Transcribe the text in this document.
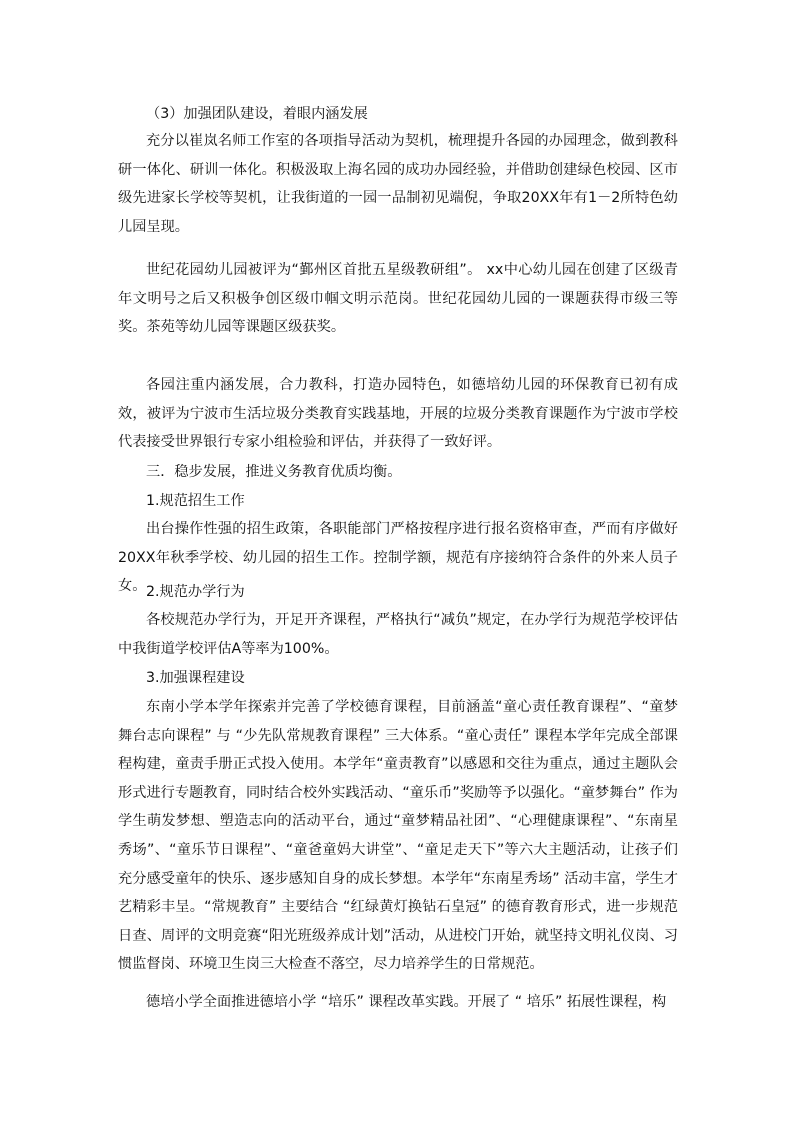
（3）加强团队建设，着眼内涵发展

充分以崔岚名师工作室的各项指导活动为契机，梳理提升各园的办园理念，做到教科研一体化、研训一体化。积极汲取上海名园的成功办园经验，并借助创建绿色校园、区市级先进家长学校等契机，让我街道的一园一品制初见端倪，争取20XX年有1－2所特色幼儿园呈现。

世纪花园幼儿园被评为“鄞州区首批五星级教研组”。 xx中心幼儿园在创建了区级青年文明号之后又积极争创区级巾帼文明示范岗。世纪花园幼儿园的一课题获得市级三等奖。茶苑等幼儿园等课题区级获奖。

各园注重内涵发展，合力教科，打造办园特色，如德培幼儿园的环保教育已初有成效，被评为宁波市生活垃圾分类教育实践基地，开展的垃圾分类教育课题作为宁波市学校代表接受世界银行专家小组检验和评估，并获得了一致好评。

三．稳步发展，推进义务教育优质均衡。

1.规范招生工作

出台操作性强的招生政策，各职能部门严格按程序进行报名资格审查，严而有序做好20XX年秋季学校、幼儿园的招生工作。控制学额，规范有序接纳符合条件的外来人员子女。 2.规范办学行为

各校规范办学行为，开足开齐课程，严格执行“减负”规定，在办学行为规范学校评估中我街道学校评估A等率为100%。

3.加强课程建设

东南小学本学年探索并完善了学校德育课程，目前涵盖“童心责任教育课程”、“童梦舞台志向课程” 与 “少先队常规教育课程” 三大体系。“童心责任” 课程本学年完成全部课程构建，童责手册正式投入使用。本学年“童责教育”以感恩和交往为重点，通过主题队会形式进行专题教育，同时结合校外实践活动、“童乐币”奖励等予以强化。“童梦舞台” 作为学生萌发梦想、塑造志向的活动平台，通过“童梦精品社团”、“心理健康课程”、“东南星秀场”、“童乐节日课程”、“童爸童妈大讲堂”、“童足走天下”等六大主题活动，让孩子们充分感受童年的快乐、逐步感知自身的成长梦想。本学年“东南星秀场” 活动丰富，学生才艺精彩丰呈。“常规教育” 主要结合 “红绿黄灯换钻石皇冠” 的德育教育形式，进一步规范日查、周评的文明竞赛“阳光班级养成计划”活动，从进校门开始，就坚持文明礼仪岗、习惯监督岗、环境卫生岗三大检查不落空，尽力培养学生的日常规范。

德培小学全面推进德培小学 “培乐” 课程改革实践。开展了 “ 培乐” 拓展性课程，构
